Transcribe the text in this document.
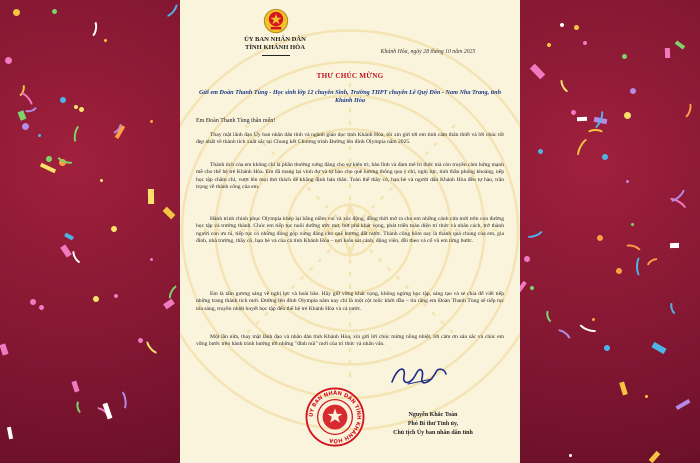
ỦY BAN NHÂN DÂN
TỈNH KHÁNH HÒA
Khánh Hòa, ngày 28 tháng 10 năm 2025
THƯ CHÚC MỪNG
Gửi em Đoàn Thanh Tùng - Học sinh lớp 12 chuyên Sinh, Trường THPT chuyên Lê Quý Đôn - Nam Nha Trang, tỉnh Khánh Hòa
Em Đoàn Thanh Tùng thân mến!

Thay mặt lãnh đạo Ủy ban nhân dân tỉnh và ngành giáo dục tỉnh Khánh Hòa, tôi xin gửi tới em tình cảm thân thiết và lời chúc tốt đẹp nhất về thành tích xuất sắc tại Chung kết Chương trình Đường lên đỉnh Olympia năm 2025.

Thành tích của em không chỉ là phần thưởng xứng đáng cho sự kiên trì, bản lĩnh và đam mê tri thức mà còn truyền cảm hứng mạnh mẽ cho thế hệ trẻ Khánh Hòa. Em đã mang lại vinh dự và tự hào cho quê hương thông qua ý chí, nghị lực, tinh thần phóng khoáng, nếp học tập chăm chỉ, vượt lên mọi thử thách để khẳng định bản thân. Toàn thể thầy cô, bạn bè và người dân Khánh Hòa đều tự hào, trân trọng về thành công của em.

Hành trình chinh phục Olympia khép lại bằng niềm vui và xúc động, đồng thời mở ra cho em những cánh cửa mới trên con đường học tập và trưởng thành. Chúc em tiếp tục nuôi dưỡng ước mơ, bứt phá khát vọng, phát triển toàn diện trí thức và nhân cách, trở thành người con ưu tú, tiếp tục có những đóng góp xứng đáng cho quê hương đất nước. Thành công hôm nay là thành quả chung của em, gia đình, nhà trường, thầy cô, bạn bè và của cả tỉnh Khánh Hòa – nơi luôn sát cánh, động viên, đồi theo và cổ vũ em từng bước.

Em là tấm gương sáng về nghị lực và hoài bão. Hãy giữ vững khát vọng, không ngừng học tập, sáng tạo và sẻ chia để viết tiếp những trang thành tích mới. Đường lên đỉnh Olympia năm nay chỉ là một cột mốc khởi đầu – tin rằng em Đoàn Thanh Tùng sẽ tiếp tục tỏa sáng, truyền nhiệt huyết học tập đến thế hệ trẻ Khánh Hòa và cả nước.

Một lần nữa, thay mặt lãnh đạo và nhân dân tỉnh Khánh Hòa, xin gửi lời chúc mừng nồng nhiệt, lời cảm ơn sâu sắc và chúc em vững bước trên hành trình hướng tới những "đỉnh núi" mới của tri thức và nhân văn.

ỦY BAN NHÂN DÂN TỈNH KHÁNH HÒA
Nguyễn Khắc Toàn
Phó Bí thư Tỉnh ủy,
Chủ tịch Ủy ban nhân dân tỉnh
